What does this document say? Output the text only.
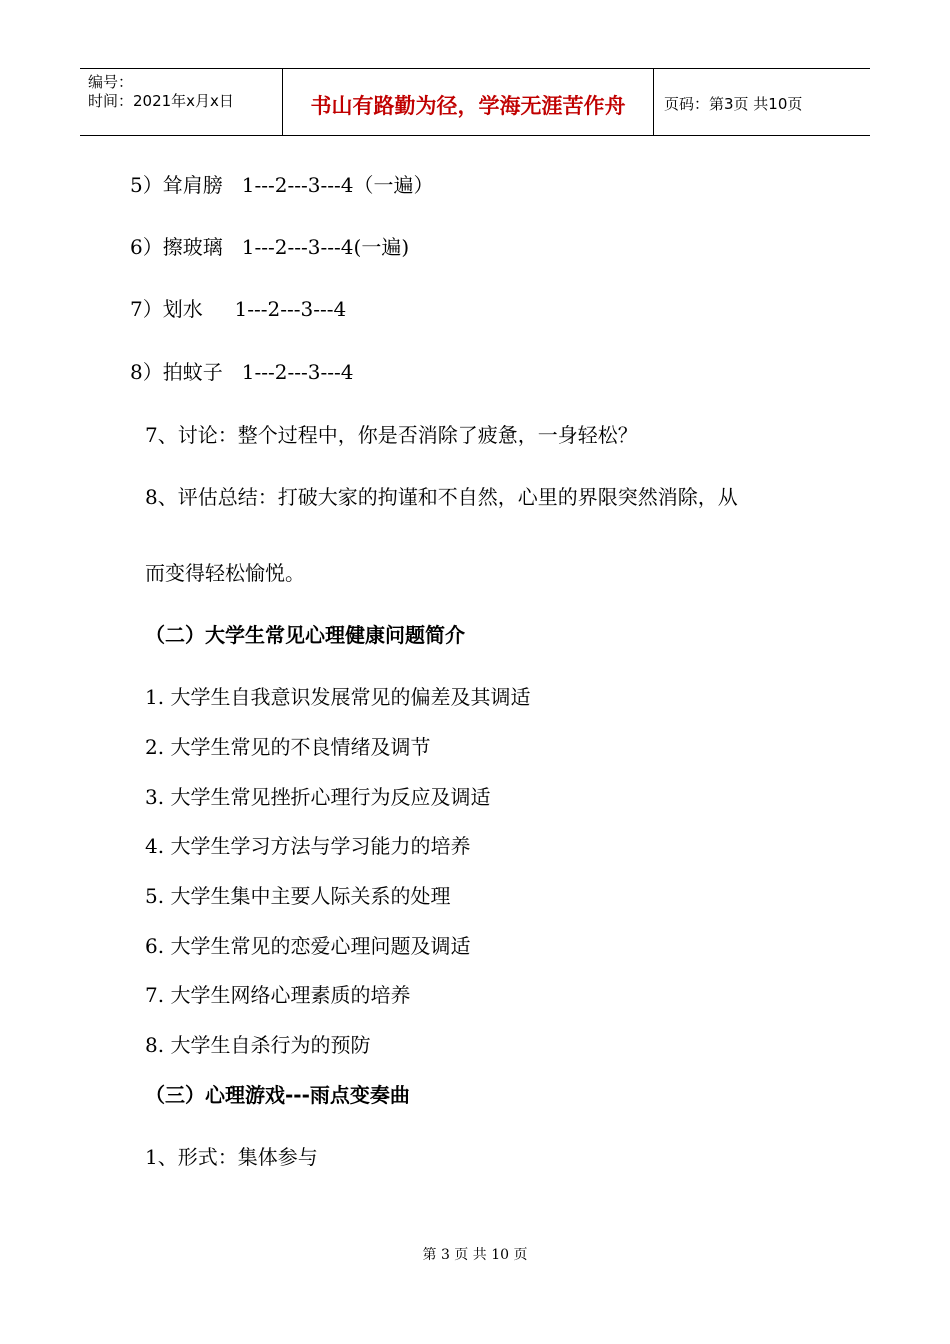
编号：
时间：2021年x月x日	书山有路勤为径，学海无涯苦作舟	页码：第3页 共10页
5）耸肩膀   1---2---3---4（一遍）
6）擦玻璃   1---2---3---4(一遍)
7）划水     1---2---3---4
8）拍蚊子   1---2---3---4
7、讨论：整个过程中，你是否消除了疲惫，一身轻松？
8、评估总结：打破大家的拘谨和不自然，心里的界限突然消除，从
而变得轻松愉悦。
（二）大学生常见心理健康问题简介
1. 大学生自我意识发展常见的偏差及其调适
2. 大学生常见的不良情绪及调节
3. 大学生常见挫折心理行为反应及调适
4. 大学生学习方法与学习能力的培养
5. 大学生集中主要人际关系的处理
6. 大学生常见的恋爱心理问题及调适
7. 大学生网络心理素质的培养
8. 大学生自杀行为的预防
（三）心理游戏---雨点变奏曲
1、形式：集体参与
第 3 页 共 10 页
